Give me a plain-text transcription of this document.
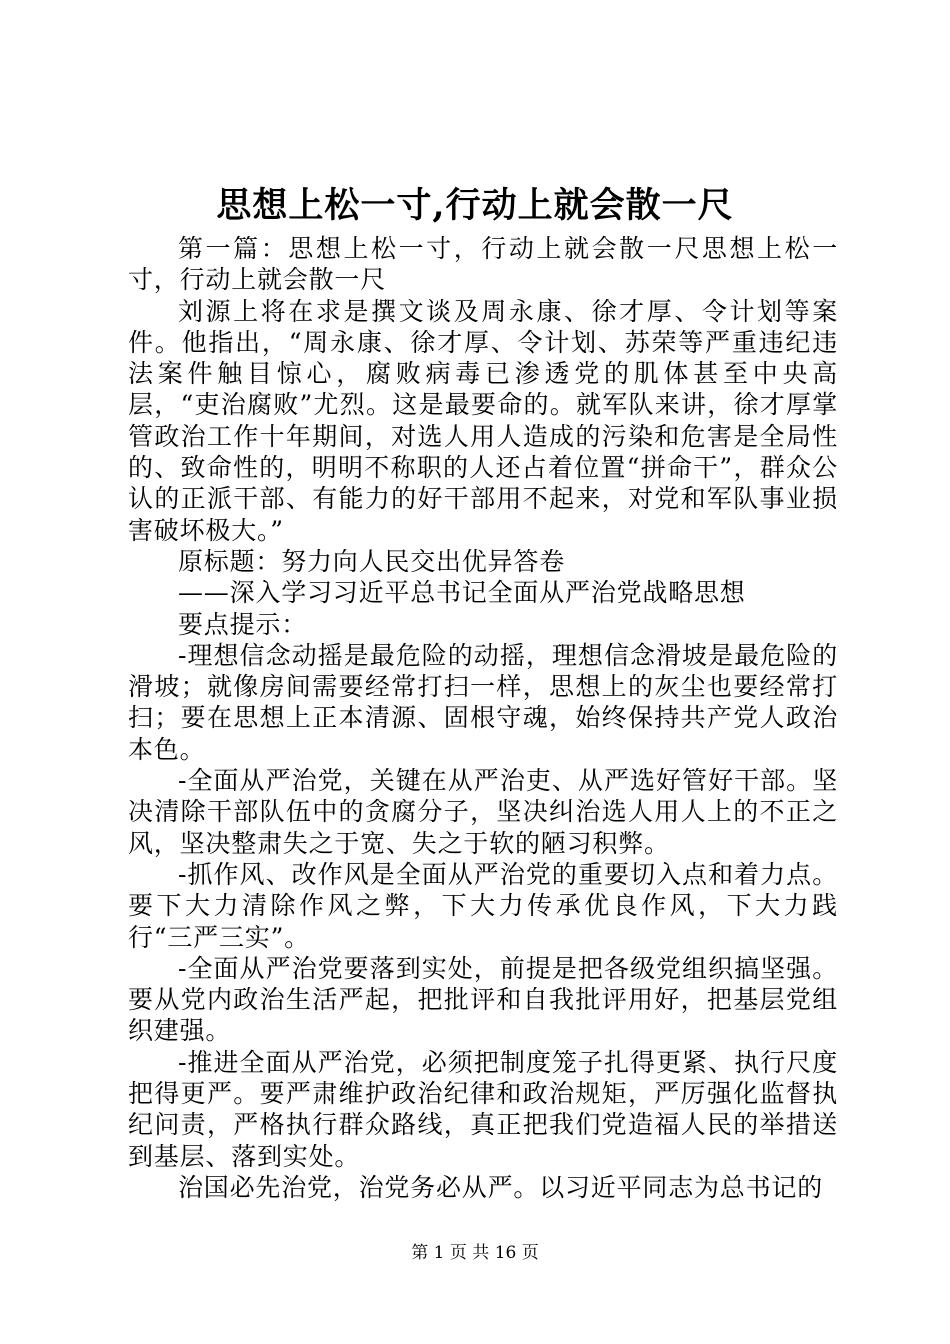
思想上松一寸,行动上就会散一尺

第一篇：思想上松一寸，行动上就会散一尺思想上松一寸，行动上就会散一尺

刘源上将在求是撰文谈及周永康、徐才厚、令计划等案件。他指出，“周永康、徐才厚、令计划、苏荣等严重违纪违法案件触目惊心，腐败病毒已渗透党的肌体甚至中央高层，“吏治腐败”尤烈。这是最要命的。就军队来讲，徐才厚掌管政治工作十年期间，对选人用人造成的污染和危害是全局性的、致命性的，明明不称职的人还占着位置“拼命干”，群众公认的正派干部、有能力的好干部用不起来，对党和军队事业损害破坏极大。”

原标题：努力向人民交出优异答卷

——深入学习习近平总书记全面从严治党战略思想

要点提示：

-理想信念动摇是最危险的动摇，理想信念滑坡是最危险的滑坡；就像房间需要经常打扫一样，思想上的灰尘也要经常打扫；要在思想上正本清源、固根守魂，始终保持共产党人政治本色。

-全面从严治党，关键在从严治吏、从严选好管好干部。坚决清除干部队伍中的贪腐分子，坚决纠治选人用人上的不正之风，坚决整肃失之于宽、失之于软的陋习积弊。

-抓作风、改作风是全面从严治党的重要切入点和着力点。要下大力清除作风之弊，下大力传承优良作风，下大力践行“三严三实”。

-全面从严治党要落到实处，前提是把各级党组织搞坚强。要从党内政治生活严起，把批评和自我批评用好，把基层党组织建强。

-推进全面从严治党，必须把制度笼子扎得更紧、执行尺度把得更严。要严肃维护政治纪律和政治规矩，严厉强化监督执纪问责，严格执行群众路线，真正把我们党造福人民的举措送到基层、落到实处。

治国必先治党，治党务必从严。以习近平同志为总书记的

第 1 页 共 16 页
